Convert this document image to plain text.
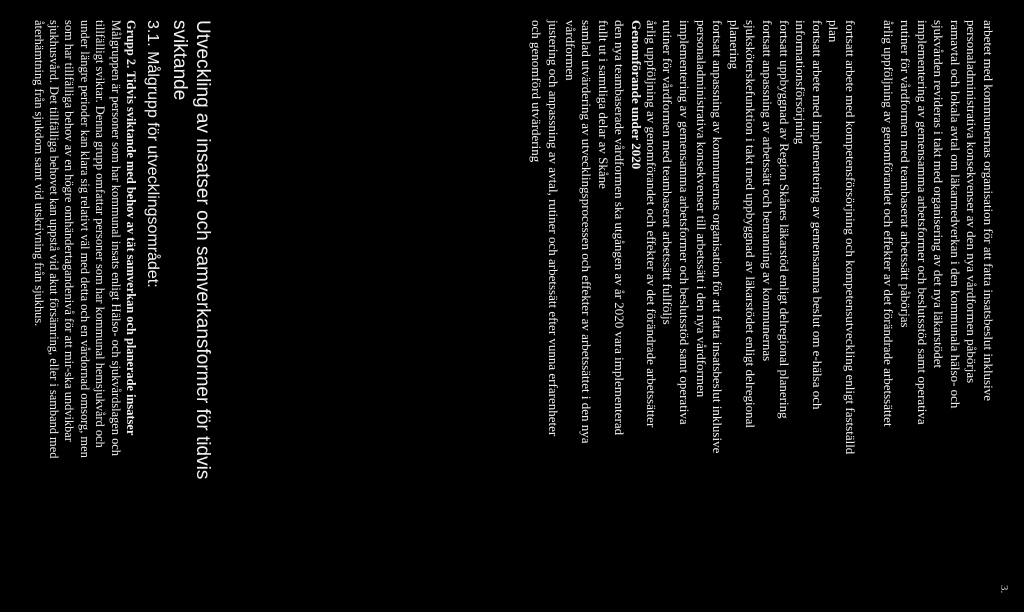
3.

arbetet med kommunernas organisation för att fatta insatsbeslut inklusive

personaladministrativa konsekvenser av den nya vårdformen påbörjas

ramavtal och lokala avtal om läkarmedverkan i den kommunala hälso- och

sjukvården revideras i takt med organisering av det nya läkarstödet

implementering av gemensamma arbetsformer och beslutsstöd samt operativa

rutiner för vårdformen med teambaserat arbetssätt påbörjas

årlig uppföljning av genomförandet och effekter av det förändrade arbetssättet

fortsatt arbete med kompetensförsörjning och kompetensutveckling enligt fastställd

plan

fortsatt arbete med implementering av gemensamma beslut om e-hälsa och

informationsförsörjning

fortsatt uppbyggnad av Region Skånes läkarstöd enligt delregional planering

fortsatt anpassning av arbetssätt och bemanning av kommunernas

sjuksköterskefunktion i takt med uppbyggnad av läkarstödet enligt delregional

planering

fortsatt anpassning av kommunernas organisation för att fatta insatsbeslut inklusive

personaladministrativa konsekvenser till arbetssätt i den nya vårdformen

implementering av gemensamma arbetsformer och beslutsstöd samt operativa

rutiner för vårdformen med teambaserat arbetssätt fullföljs

årlig uppföljning av genomförandet och effekter av det förändrade arbetssätter

Genomförande under 2020

den nya teambaserade vårdformen ska utgången av år 2020 vara implementerad

fullt ut i samtliga delar av Skåne

samlad utvärdering av utvecklingsprocessen och effekter av arbetssättet i den nya

vårdformen

justering och anpassning av avtal, rutiner och arbetssätt efter vunna erfarenheter

och genomförd utvärdering

Utveckling av insatser och samverkansformer för tidvis

sviktande

3.1. Målgrupp för utvecklingsområdet:

Grupp 2. Tidvis sviktande med behov av tät samverkan och planerade insatser

Målgruppen är personer som har kommunal insats enligt Hälso- och sjukvårdslagen och

tillfälligt sviktar. Denna grupp omfattar personer som har kommunal hemsjukvård och

under längre perioder kan klara sig relativt väl med detta och en vårdornad omsorg, men

som har tillfälliga behov av en högre omhändertagandenivå för att mir-ska undvikbar

sjukhusvård. Det tillfälliga behovet kan uppstå vid akut försämring, eller i samband med

återhämtning från sjukdom samt vid utskrivning från sjukhus.
